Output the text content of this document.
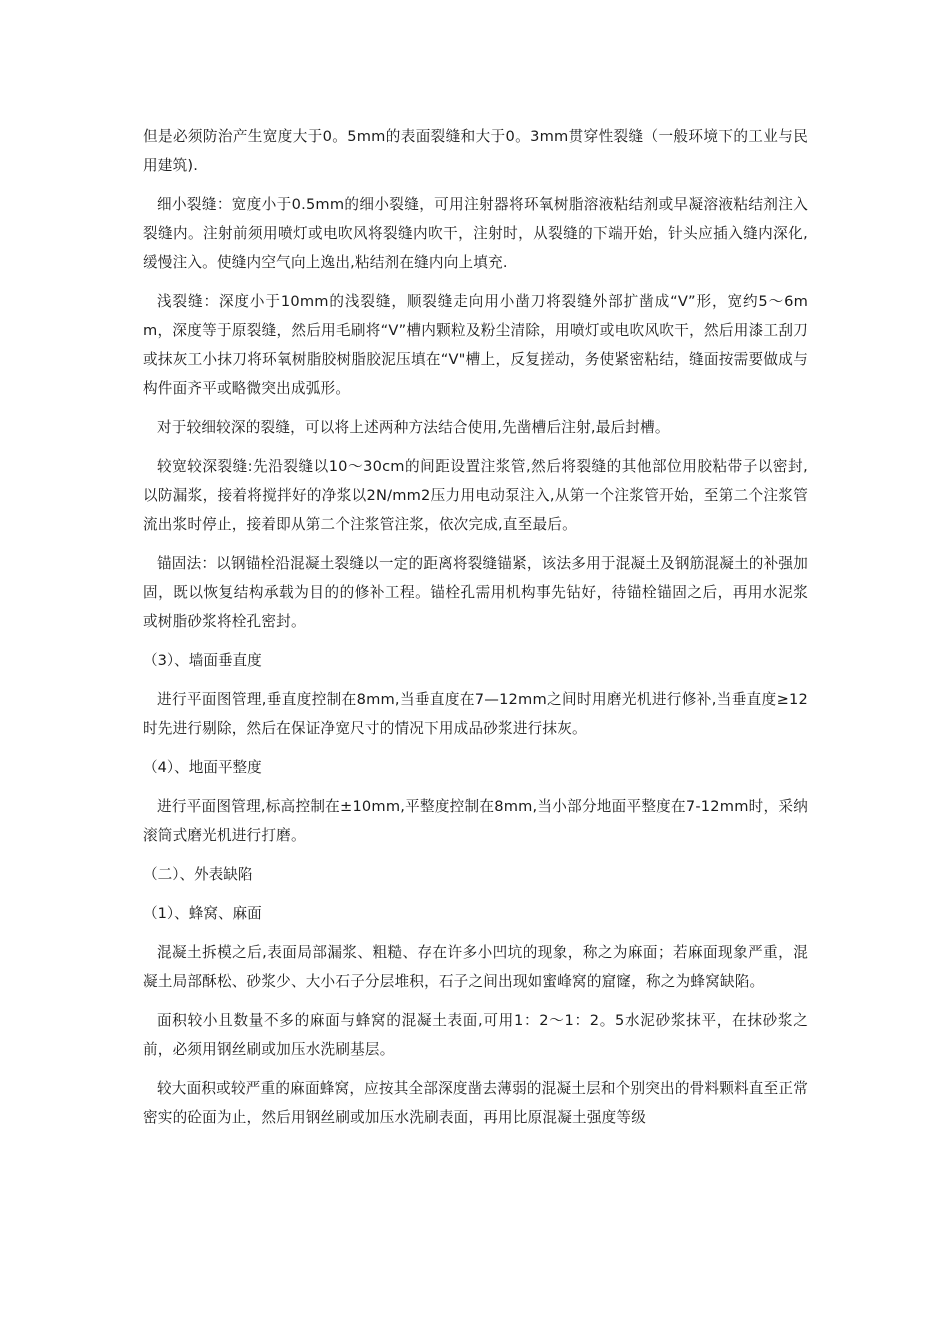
但是必须防治产生宽度大于0。5mm的表面裂缝和大于0。3mm贯穿性裂缝（一般环境下的工业与民用建筑).

细小裂缝：宽度小于0.5mm的细小裂缝，可用注射器将环氧树脂溶液粘结剂或早凝溶液粘结剂注入裂缝内。注射前须用喷灯或电吹风将裂缝内吹干，注射时，从裂缝的下端开始，针头应插入缝内深化,缓慢注入。使缝内空气向上逸出,粘结剂在缝内向上填充.

浅裂缝：深度小于10mm的浅裂缝，顺裂缝走向用小凿刀将裂缝外部扩凿成“V”形，宽约5～6mm，深度等于原裂缝，然后用毛刷将“V”槽内颗粒及粉尘清除，用喷灯或电吹风吹干，然后用漆工刮刀或抹灰工小抹刀将环氧树脂胶树脂胶泥压填在“V"槽上，反复搓动，务使紧密粘结，缝面按需要做成与构件面齐平或略微突出成弧形。

对于较细较深的裂缝，可以将上述两种方法结合使用,先凿槽后注射,最后封槽。

较宽较深裂缝:先沿裂缝以10～30cm的间距设置注浆管,然后将裂缝的其他部位用胶粘带子以密封,以防漏浆，接着将搅拌好的净浆以2N/mm2压力用电动泵注入,从第一个注浆管开始，至第二个注浆管流出浆时停止，接着即从第二个注浆管注浆，依次完成,直至最后。

锚固法：以钢锚栓沿混凝土裂缝以一定的距离将裂缝锚紧，该法多用于混凝土及钢筋混凝土的补强加固，既以恢复结构承载为目的的修补工程。锚栓孔需用机构事先钻好，待锚栓锚固之后，再用水泥浆或树脂砂浆将栓孔密封。

（3）、墙面垂直度

进行平面图管理,垂直度控制在8mm,当垂直度在7—12mm之间时用磨光机进行修补,当垂直度≥12时先进行剔除，然后在保证净宽尺寸的情况下用成品砂浆进行抹灰。

（4）、地面平整度

进行平面图管理,标高控制在±10mm,平整度控制在8mm,当小部分地面平整度在7-12mm时，采纳滚筒式磨光机进行打磨。

（二）、外表缺陷

（1）、蜂窝、麻面

混凝土拆模之后,表面局部漏浆、粗糙、存在许多小凹坑的现象，称之为麻面；若麻面现象严重，混凝土局部酥松、砂浆少、大小石子分层堆积，石子之间出现如蜜峰窝的窟窿，称之为蜂窝缺陷。

面积较小且数量不多的麻面与蜂窝的混凝土表面,可用1：2～1：2。5水泥砂浆抹平，在抹砂浆之前，必须用钢丝刷或加压水洗刷基层。

较大面积或较严重的麻面蜂窝，应按其全部深度凿去薄弱的混凝土层和个别突出的骨料颗料直至正常密实的砼面为止，然后用钢丝刷或加压水洗刷表面，再用比原混凝土强度等级
